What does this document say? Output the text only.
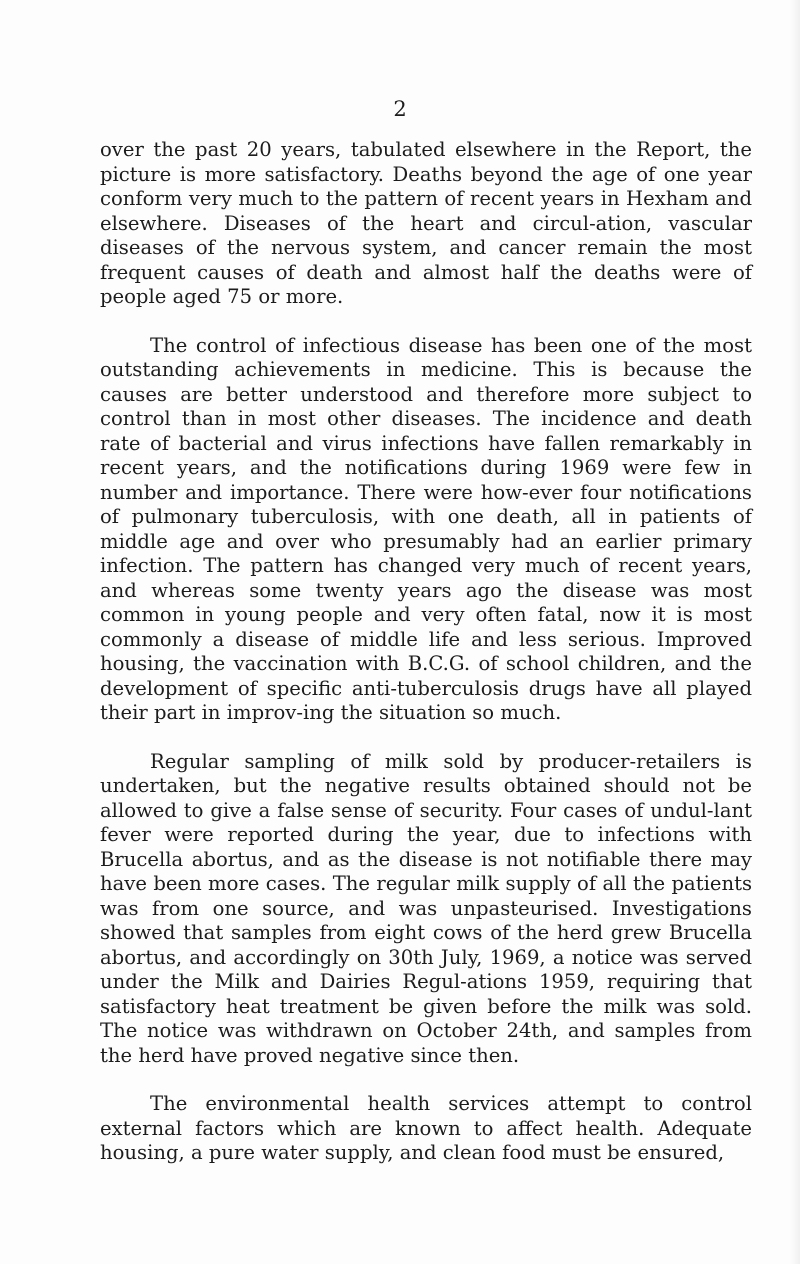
2

over the past 20 years, tabulated elsewhere in the Report, the picture is more satisfactory. Deaths beyond the age of one year conform very much to the pattern of recent years in Hexham and elsewhere. Diseases of the heart and circul-ation, vascular diseases of the nervous system, and cancer remain the most frequent causes of death and almost half the deaths were of people aged 75 or more.

The control of infectious disease has been one of the most outstanding achievements in medicine. This is because the causes are better understood and therefore more subject to control than in most other diseases. The incidence and death rate of bacterial and virus infections have fallen remarkably in recent years, and the notifications during 1969 were few in number and importance. There were how-ever four notifications of pulmonary tuberculosis, with one death, all in patients of middle age and over who presumably had an earlier primary infection. The pattern has changed very much of recent years, and whereas some twenty years ago the disease was most common in young people and very often fatal, now it is most commonly a disease of middle life and less serious. Improved housing, the vaccination with B.C.G. of school children, and the development of specific anti-tuberculosis drugs have all played their part in improv-ing the situation so much.

Regular sampling of milk sold by producer-retailers is undertaken, but the negative results obtained should not be allowed to give a false sense of security. Four cases of undul-lant fever were reported during the year, due to infections with Brucella abortus, and as the disease is not notifiable there may have been more cases. The regular milk supply of all the patients was from one source, and was unpasteurised. Investigations showed that samples from eight cows of the herd grew Brucella abortus, and accordingly on 30th July, 1969, a notice was served under the Milk and Dairies Regul-ations 1959, requiring that satisfactory heat treatment be given before the milk was sold. The notice was withdrawn on October 24th, and samples from the herd have proved negative since then.

The environmental health services attempt to control external factors which are known to affect health. Adequate housing, a pure water supply, and clean food must be ensured,
